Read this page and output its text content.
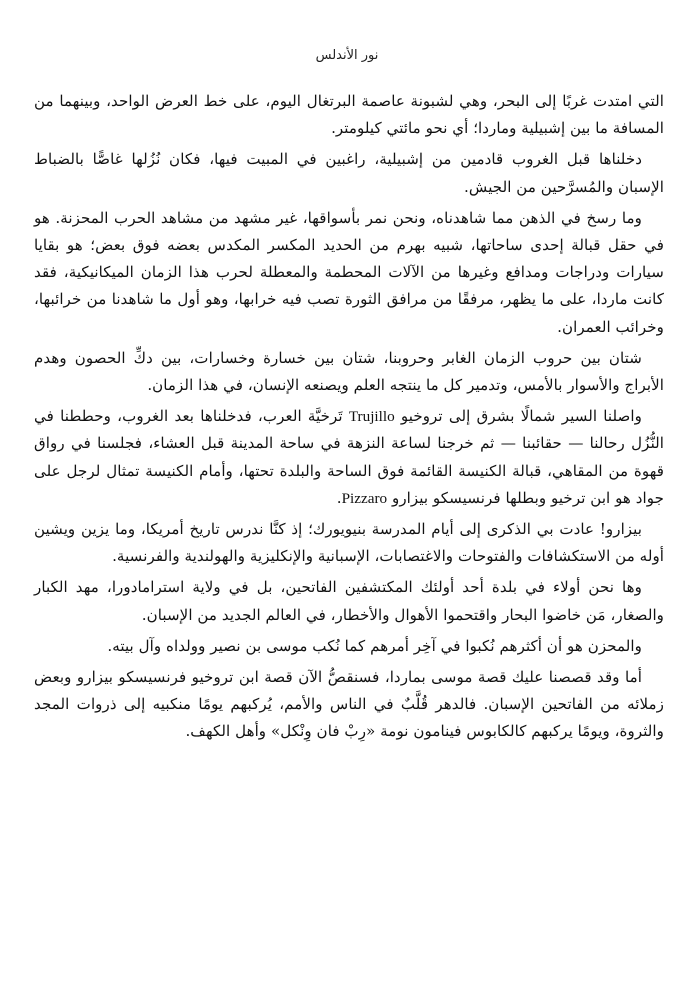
نور الأندلس

التي امتدت غربًا إلى البحر، وهي لشبونة عاصمة البرتغال اليوم، على خط العرض الواحد، وبينهما من المسافة ما بين إشبيلية وماردا؛ أي نحو مائتي كيلومتر.

دخلناها قبل الغروب قادمين من إشبيلية، راغبين في المبيت فيها، فكان نُزُلها غاصًّا بالضباط الإسبان والمُسرَّحين من الجيش.

وما رسخ في الذهن مما شاهدناه، ونحن نمر بأسواقها، غير مشهد من مشاهد الحرب المحزنة. هو في حقل قبالة إحدى ساحاتها، شبيه بهرم من الحديد المكسر المكدس بعضه فوق بعض؛ هو بقايا سيارات ودراجات ومدافع وغيرها من الآلات المحطمة والمعطلة لحرب هذا الزمان الميكانيكية، فقد كانت ماردا، على ما يظهر، مرفقًا من مرافق الثورة تصب فيه خرابها، وهو أول ما شاهدنا من خرائبها، وخرائب العمران.

شتان بين حروب الزمان الغابر وحروبنا، شتان بين خسارة وخسارات، بين دكِّ الحصون وهدم الأبراج والأسوار بالأمس، وتدمير كل ما ينتجه العلم ويصنعه الإنسان، في هذا الزمان.

واصلنا السير شمالًا بشرق إلى تروخيو Trujillo تَرخيَّة العرب، فدخلناها بعد الغروب، وحططنا في النُّزُل رحالنا — حقائبنا — ثم خرجنا لساعة النزهة في ساحة المدينة قبل العشاء، فجلسنا في رواق قهوة من المقاهي، قبالة الكنيسة القائمة فوق الساحة والبلدة تحتها، وأمام الكنيسة تمثال لرجل على جواد هو ابن ترخيو وبطلها فرنسيسكو بيزارو Pizzaro.

بيزارو! عادت بي الذكرى إلى أيام المدرسة بنيويورك؛ إذ كنَّا ندرس تاريخ أمريكا، وما يزين ويشين أوله من الاستكشافات والفتوحات والاغتصابات، الإسبانية والإنكليزية والهولندية والفرنسية.

وها نحن أولاء في بلدة أحد أولئك المكتشفين الفاتحين، بل في ولاية استرامادورا، مهد الكبار والصغار، مَن خاضوا البحار واقتحموا الأهوال والأخطار، في العالم الجديد من الإسبان.

والمحزن هو أن أكثرهم نُكبوا في آخِر أمرهم كما نُكب موسى بن نصير وولداه وآل بيته.

أما وقد قصصنا عليك قصة موسى بماردا، فسنقصُّ الآن قصة ابن تروخيو فرنسيسكو بيزارو وبعض زملائه من الفاتحين الإسبان. فالدهر قُلَّبٌ في الناس والأمم، يُركبهم يومًا منكبيه إلى ذروات المجد والثروة، ويومًا يركبهم كالكابوس فينامون نومة «رِبْ فان وِنْكل» وأهل الكهف.
